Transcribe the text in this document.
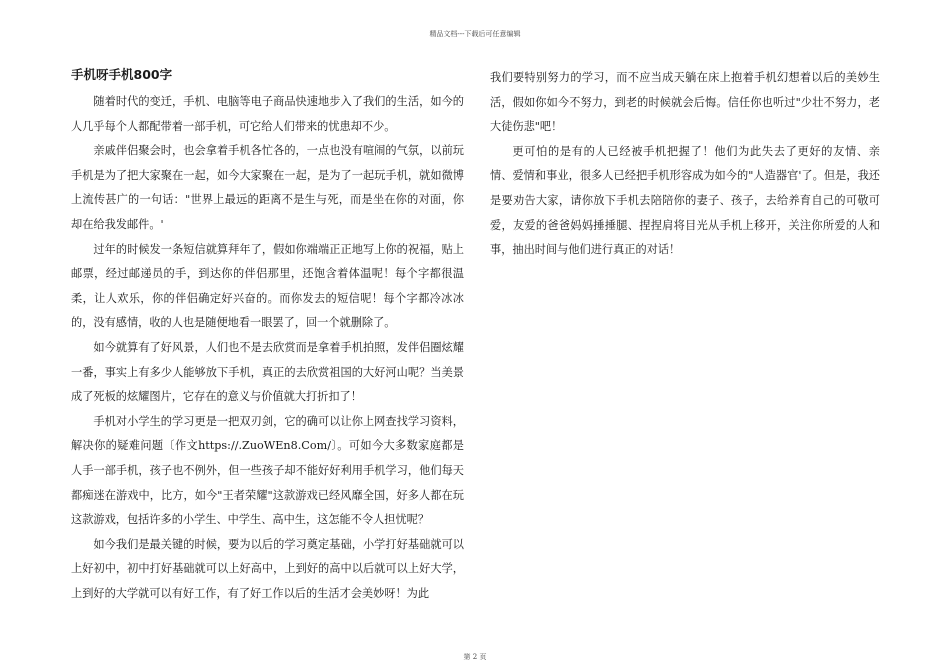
精品文档---下载后可任意编辑
手机呀手机800字

随着时代的变迁，手机、电脑等电子商品快速地步入了我们的生活，如今的人几乎每个人都配带着一部手机，可它给人们带来的忧患却不少。

亲戚伴侣聚会时，也会拿着手机各忙各的，一点也没有喧闹的气氛，以前玩手机是为了把大家聚在一起，如今大家聚在一起，是为了一起玩手机，就如微博上流传甚广的一句话："世界上最远的距离不是生与死，而是坐在你的对面，你却在给我发邮件。'

过年的时候发一条短信就算拜年了，假如你端端正正地写上你的祝福，贴上邮票，经过邮递员的手，到达你的伴侣那里，还饱含着体温呢！每个字都很温柔，让人欢乐，你的伴侣确定好兴奋的。而你发去的短信呢！每个字都冷冰冰的，没有感情，收的人也是随便地看一眼罢了，回一个就删除了。

如今就算有了好风景，人们也不是去欣赏而是拿着手机拍照，发伴侣圈炫耀一番，事实上有多少人能够放下手机，真正的去欣赏祖国的大好河山呢？当美景成了死板的炫耀图片，它存在的意义与价值就大打折扣了！

手机对小学生的学习更是一把双刃剑，它的确可以让你上网查找学习资料，解决你的疑难问题〔作文https://.ZuoWEn8.Com/〕。可如今大多数家庭都是人手一部手机，孩子也不例外，但一些孩子却不能好好利用手机学习，他们每天都痴迷在游戏中，比方，如今"王者荣耀"这款游戏已经风靡全国，好多人都在玩这款游戏，包括许多的小学生、中学生、高中生，这怎能不令人担忧呢？

如今我们是最关键的时候，要为以后的学习奠定基础，小学打好基础就可以上好初中，初中打好基础就可以上好高中，上到好的高中以后就可以上好大学，上到好的大学就可以有好工作，有了好工作以后的生活才会美妙呀！为此

我们要特别努力的学习，而不应当成天躺在床上抱着手机幻想着以后的美妙生活，假如你如今不努力，到老的时候就会后悔。信任你也听过"少壮不努力，老大徒伤悲"吧！

更可怕的是有的人已经被手机把握了！他们为此失去了更好的友情、亲情、爱情和事业，很多人已经把手机形容成为如今的"人造器官'了。但是，我还是要劝告大家，请你放下手机去陪陪你的妻子、孩子，去给养育自己的可敬可爱，友爱的爸爸妈妈捶捶腿、捏捏肩将目光从手机上移开，关注你所爱的人和事，抽出时间与他们进行真正的对话！

第 2 页
